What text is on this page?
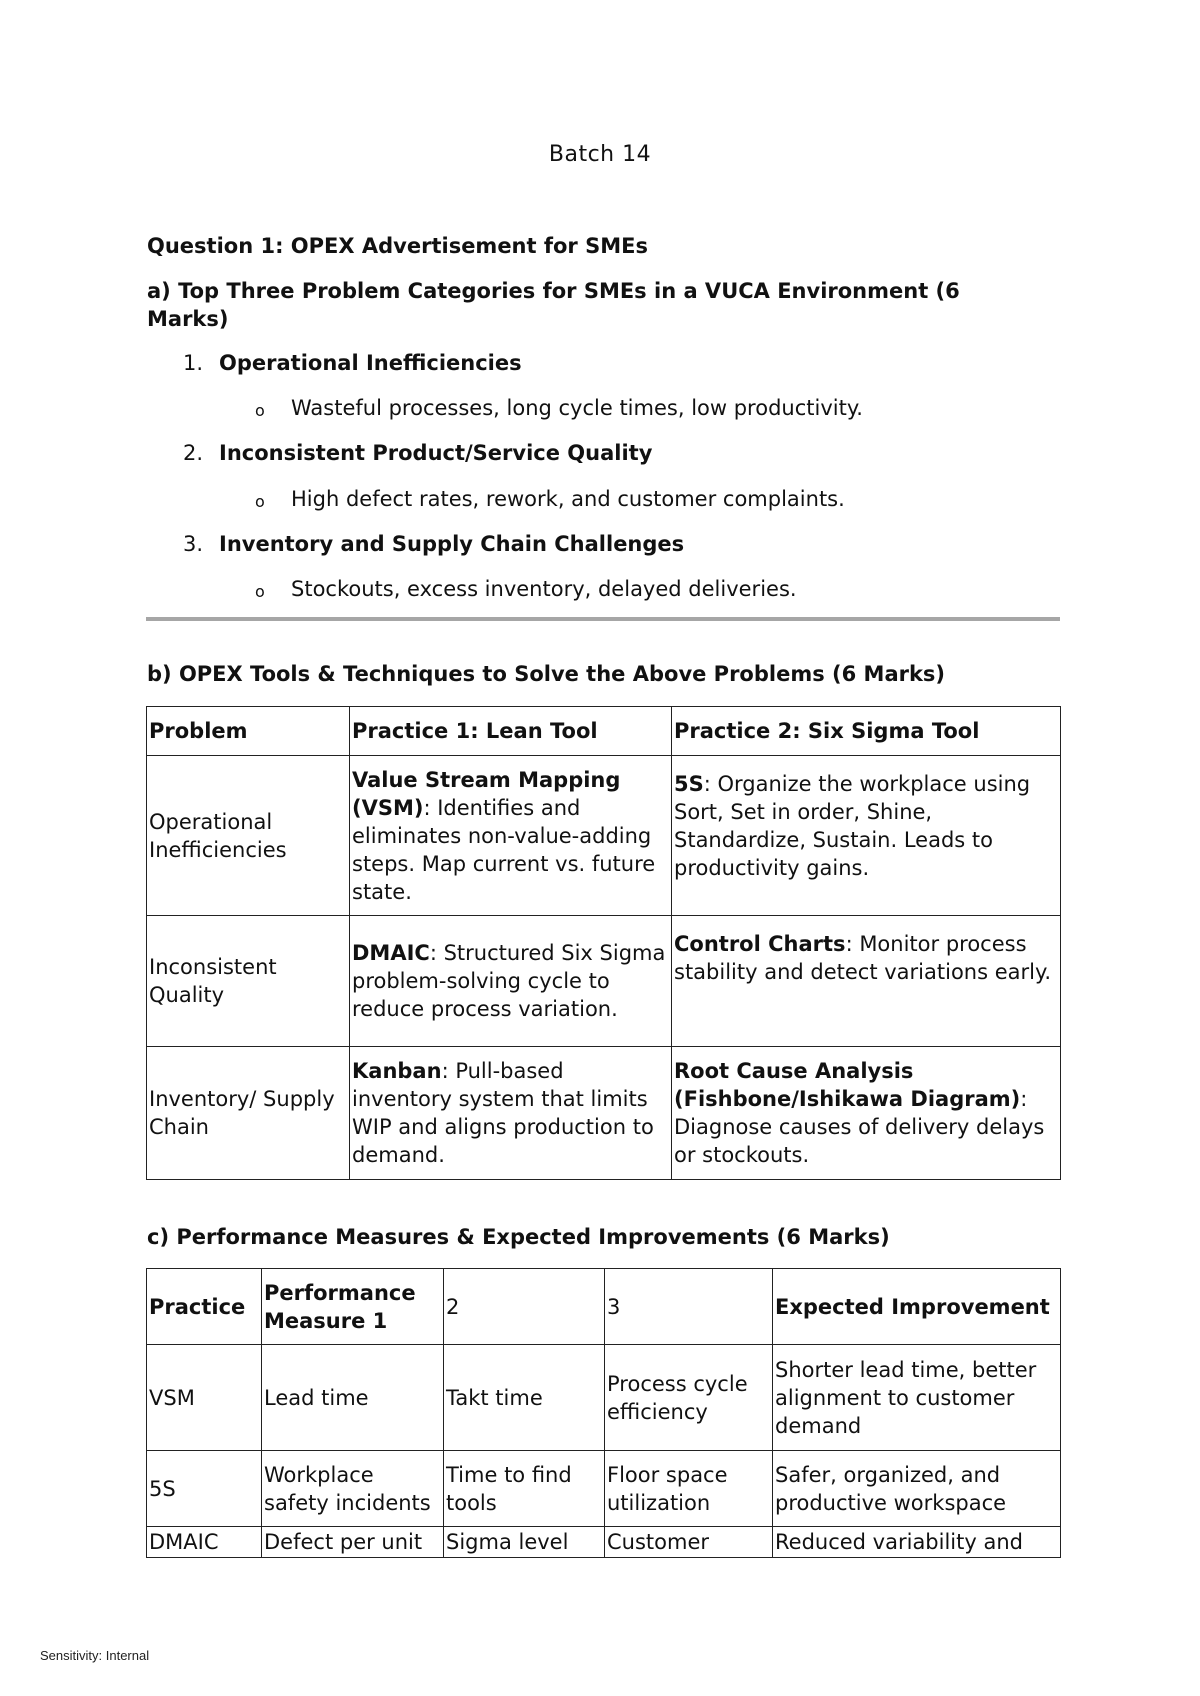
Batch 14
Question 1: OPEX Advertisement for SMEs
a) Top Three Problem Categories for SMEs in a VUCA Environment (6 Marks)
1. Operational Inefficiencies
o Wasteful processes, long cycle times, low productivity.
2. Inconsistent Product/Service Quality
o High defect rates, rework, and customer complaints.
3. Inventory and Supply Chain Challenges
o Stockouts, excess inventory, delayed deliveries.
b) OPEX Tools & Techniques to Solve the Above Problems (6 Marks)
Problem	Practice 1: Lean Tool	Practice 2: Six Sigma Tool
Operational Inefficiencies	Value Stream Mapping (VSM): Identifies and eliminates non-value-adding steps. Map current vs. future state.	5S: Organize the workplace using Sort, Set in order, Shine, Standardize, Sustain. Leads to productivity gains.
Inconsistent Quality	DMAIC: Structured Six Sigma problem-solving cycle to reduce process variation.	Control Charts: Monitor process stability and detect variations early.
Inventory/ Supply Chain	Kanban: Pull-based inventory system that limits WIP and aligns production to demand.	Root Cause Analysis (Fishbone/Ishikawa Diagram): Diagnose causes of delivery delays or stockouts.
c) Performance Measures & Expected Improvements (6 Marks)
Practice	Performance Measure 1	2	3	Expected Improvement
VSM	Lead time	Takt time	Process cycle efficiency	Shorter lead time, better alignment to customer demand
5S	Workplace safety incidents	Time to find tools	Floor space utilization	Safer, organized, and productive workspace
DMAIC	Defect per unit	Sigma level	Customer	Reduced variability and
Sensitivity: Internal
